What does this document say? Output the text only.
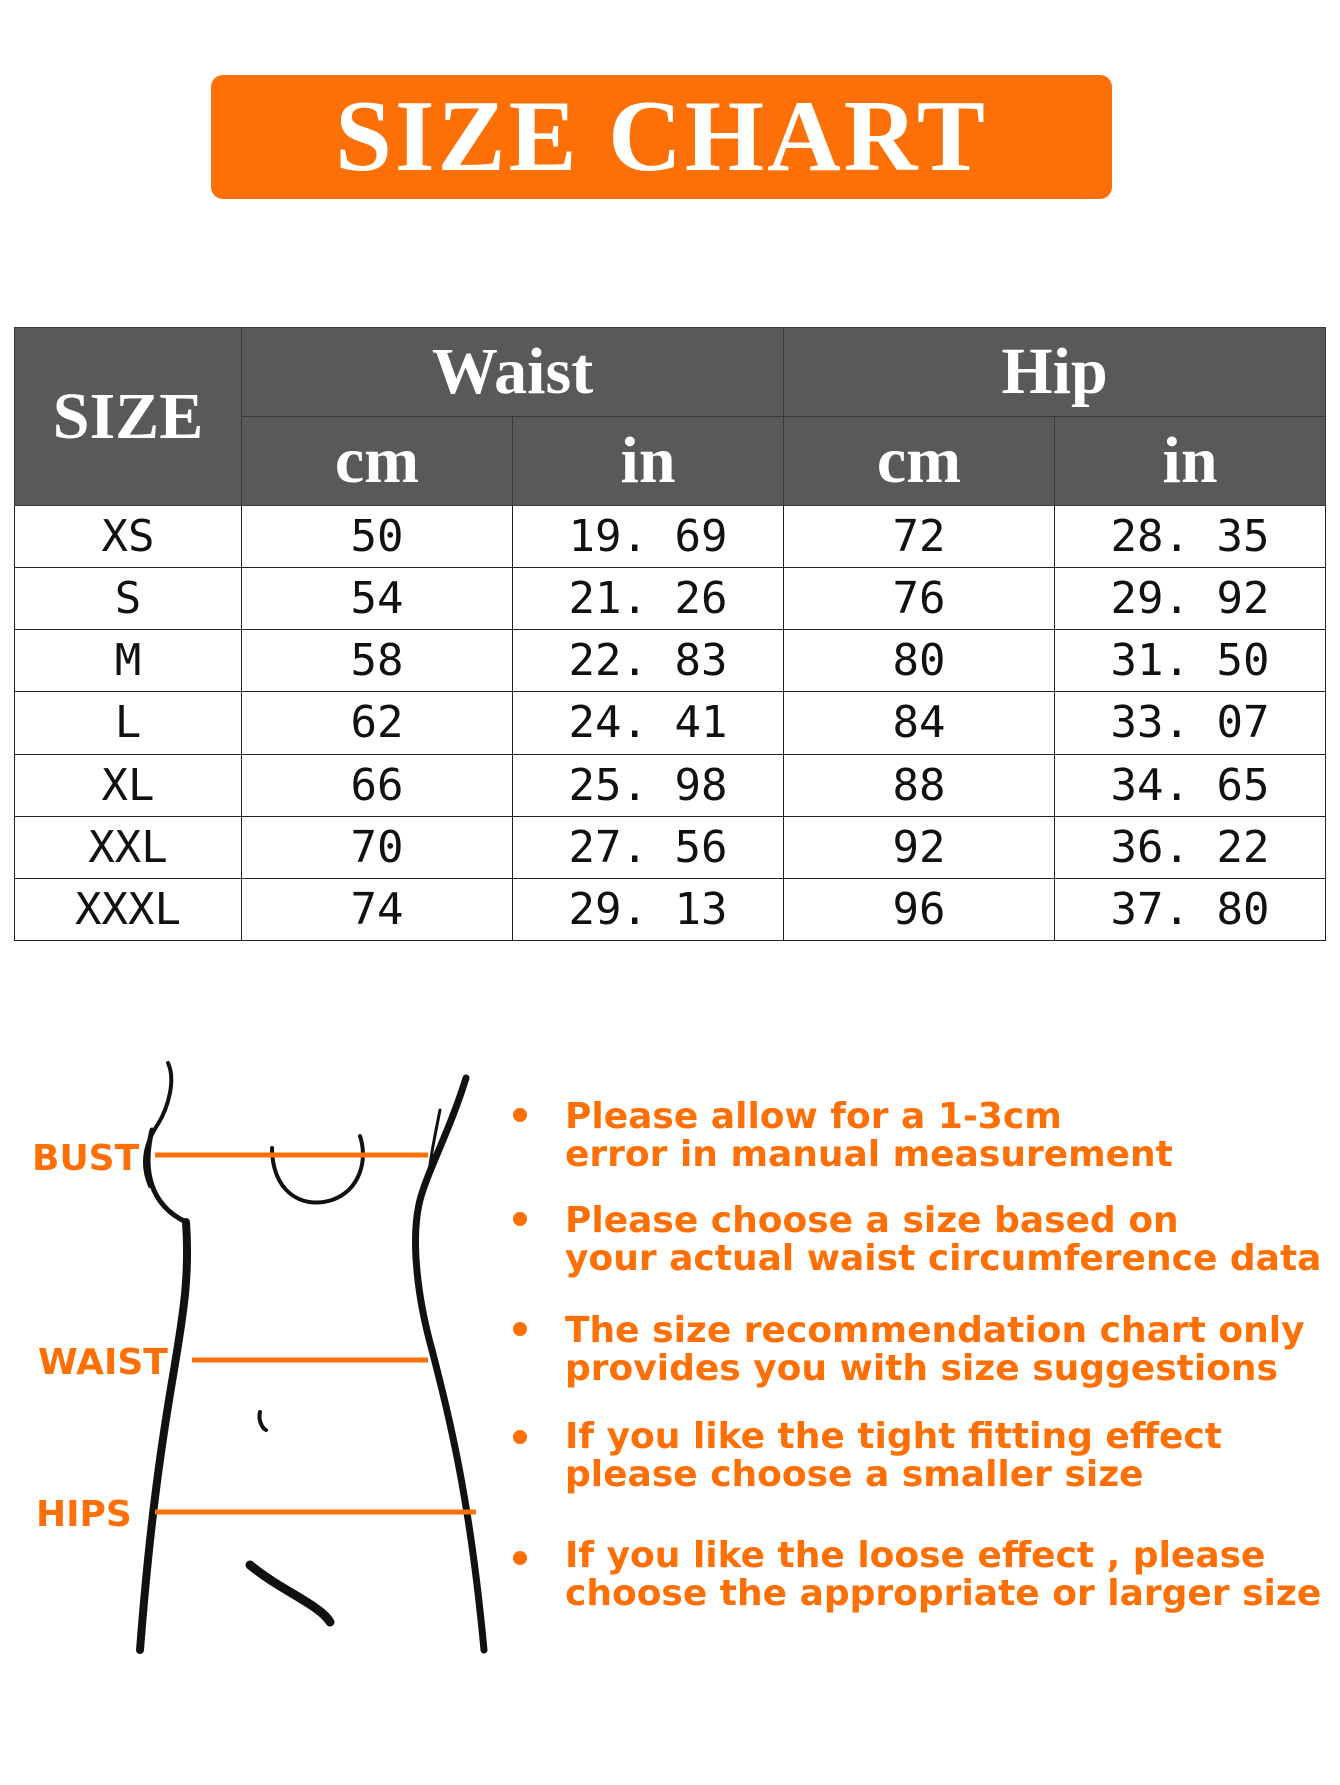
SIZE CHART
SIZE	Waist		Hip	
	cm	in	cm	in
XS	50	19. 69	72	28. 35
S	54	21. 26	76	29. 92
M	58	22. 83	80	31. 50
L	62	24. 41	84	33. 07
XL	66	25. 98	88	34. 65
XXL	70	27. 56	92	36. 22
XXXL	74	29. 13	96	37. 80
BUST
WAIST
HIPS
Please allow for a 1-3cm
error in manual measurement
Please choose a size based on
your actual waist circumference data
The size recommendation chart only
provides you with size suggestions
If you like the tight fitting effect
please choose a smaller size
If you like the loose effect , please
choose the appropriate or larger size
